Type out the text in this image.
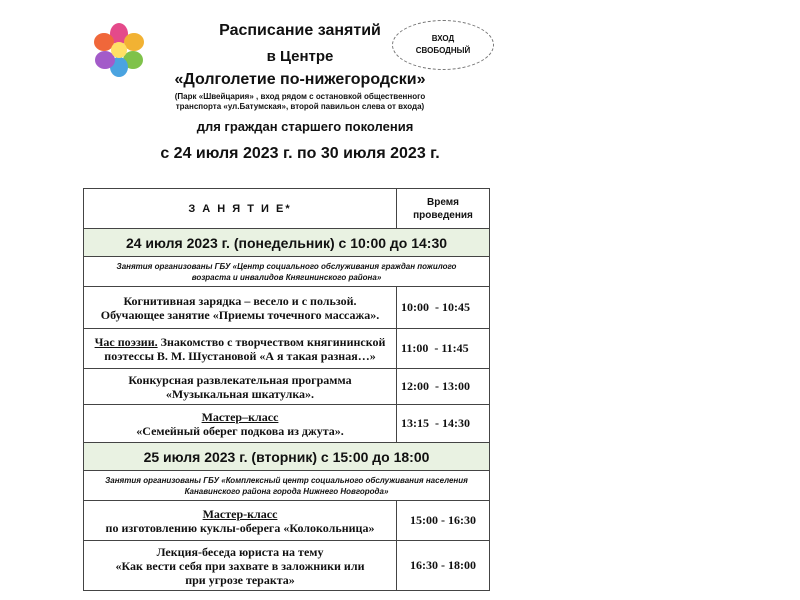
Расписание занятий
в Центре
«Долголетие по-нижегородски»
(Парк «Швейцария» , вход рядом с остановкой общественного
транспорта «ул.Батумская», второй павильон слева от входа)
для граждан старшего поколения
с 24 июля 2023 г. по 30 июля 2023 г.
ВХОД
СВОБОДНЫЙ
З А Н Я Т И Е*	Время
проведения

24 июля 2023 г. (понедельник) с 10:00 до 14:30	

Занятия организованы ГБУ «Центр социального обслуживания граждан пожилого
возраста и инвалидов Княгининского района»	

Когнитивная зарядка – весело и с пользой.
Обучающее занятие «Приемы точечного массажа».	10:00  - 10:45

Час поэзии. Знакомство с творчеством княгининской
поэтессы В. М. Шустановой «А я такая разная…»	11:00  - 11:45

Конкурсная развлекательная программа
«Музыкальная шкатулка».	12:00  - 13:00

Мастер–класс
«Семейный оберег подкова из джута».	13:15  - 14:30
25 июля 2023 г. (вторник) с 15:00 до 18:00	

Занятия организованы ГБУ «Комплексный центр социального обслуживания населения
Канавинского района города Нижнего Новгорода»	

Мастер-класс
по изготовлению куклы-оберега «Колокольница»	15:00 - 16:30

Лекция-беседа юриста на тему
«Как вести себя при захвате в заложники или
при угрозе теракта»	16:30 - 18:00
